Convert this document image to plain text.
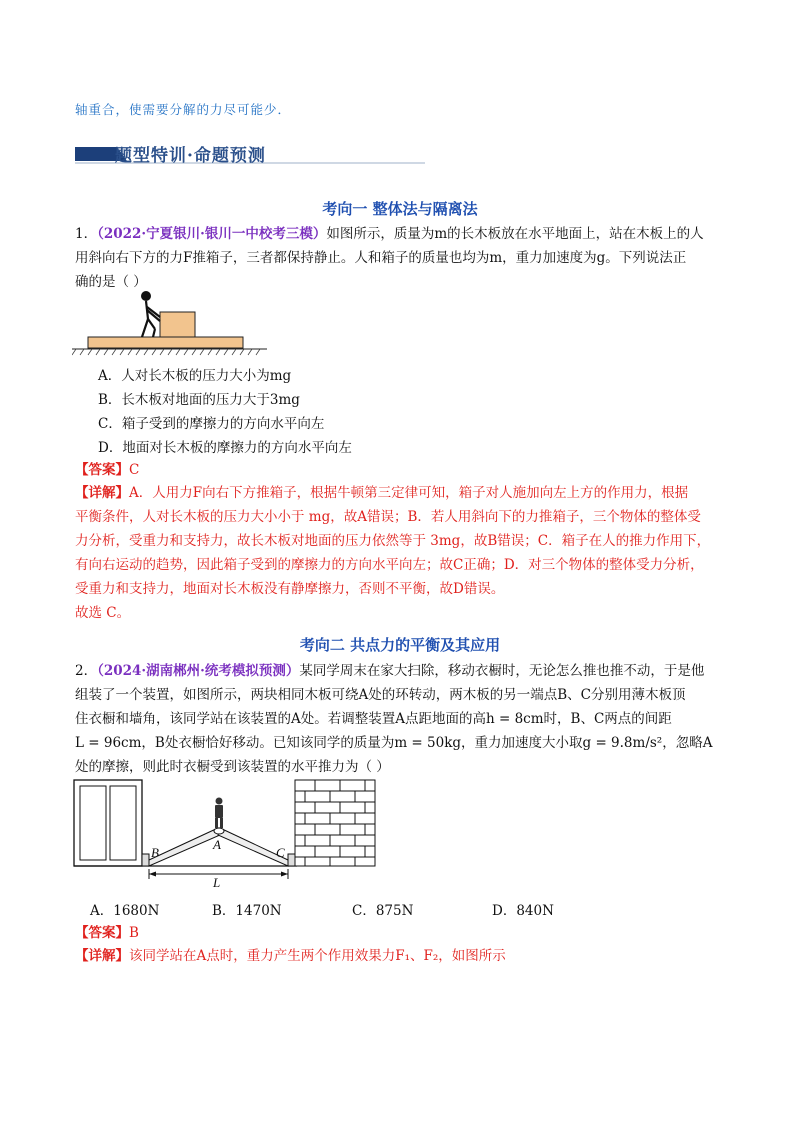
轴重合，使需要分解的力尽可能少．
题型特训·命题预测
考向一 整体法与隔离法
1．（2022·宁夏银川·银川一中校考三模）如图所示，质量为m的长木板放在水平地面上，站在木板上的人
用斜向右下方的力F推箱子，三者都保持静止。人和箱子的质量也均为m，重力加速度为g。下列说法正
确的是（ ）
A．人对长木板的压力大小为mg
B．长木板对地面的压力大于3mg
C．箱子受到的摩擦力的方向水平向左
D．地面对长木板的摩擦力的方向水平向左
【答案】C
【详解】A．人用力F向右下方推箱子，根据牛顿第三定律可知，箱子对人施加向左上方的作用力，根据
平衡条件，人对长木板的压力大小小于 mg，故A错误；B．若人用斜向下的力推箱子，三个物体的整体受
力分析，受重力和支持力，故长木板对地面的压力依然等于 3mg，故B错误；C．箱子在人的推力作用下，
有向右运动的趋势，因此箱子受到的摩擦力的方向水平向左；故C正确；D．对三个物体的整体受力分析，
受重力和支持力，地面对长木板没有静摩擦力，否则不平衡，故D错误。
故选 C。
考向二 共点力的平衡及其应用
2．（2024·湖南郴州·统考模拟预测）某同学周末在家大扫除，移动衣橱时，无论怎么推也推不动，于是他
组装了一个装置，如图所示，两块相同木板可绕A处的环转动，两木板的另一端点B、C分别用薄木板顶
住衣橱和墙角，该同学站在该装置的A处。若调整装置A点距地面的高h = 8cm时，B、C两点的间距
L = 96cm，B处衣橱恰好移动。已知该同学的质量为m = 50kg，重力加速度大小取g = 9.8m/s²，忽略A
处的摩擦，则此时衣橱受到该装置的水平推力为（ ）
B
A
C
L
A．1680N	B．1470N	C．875N	D．840N
【答案】B
【详解】该同学站在A点时，重力产生两个作用效果力F₁、F₂，如图所示
